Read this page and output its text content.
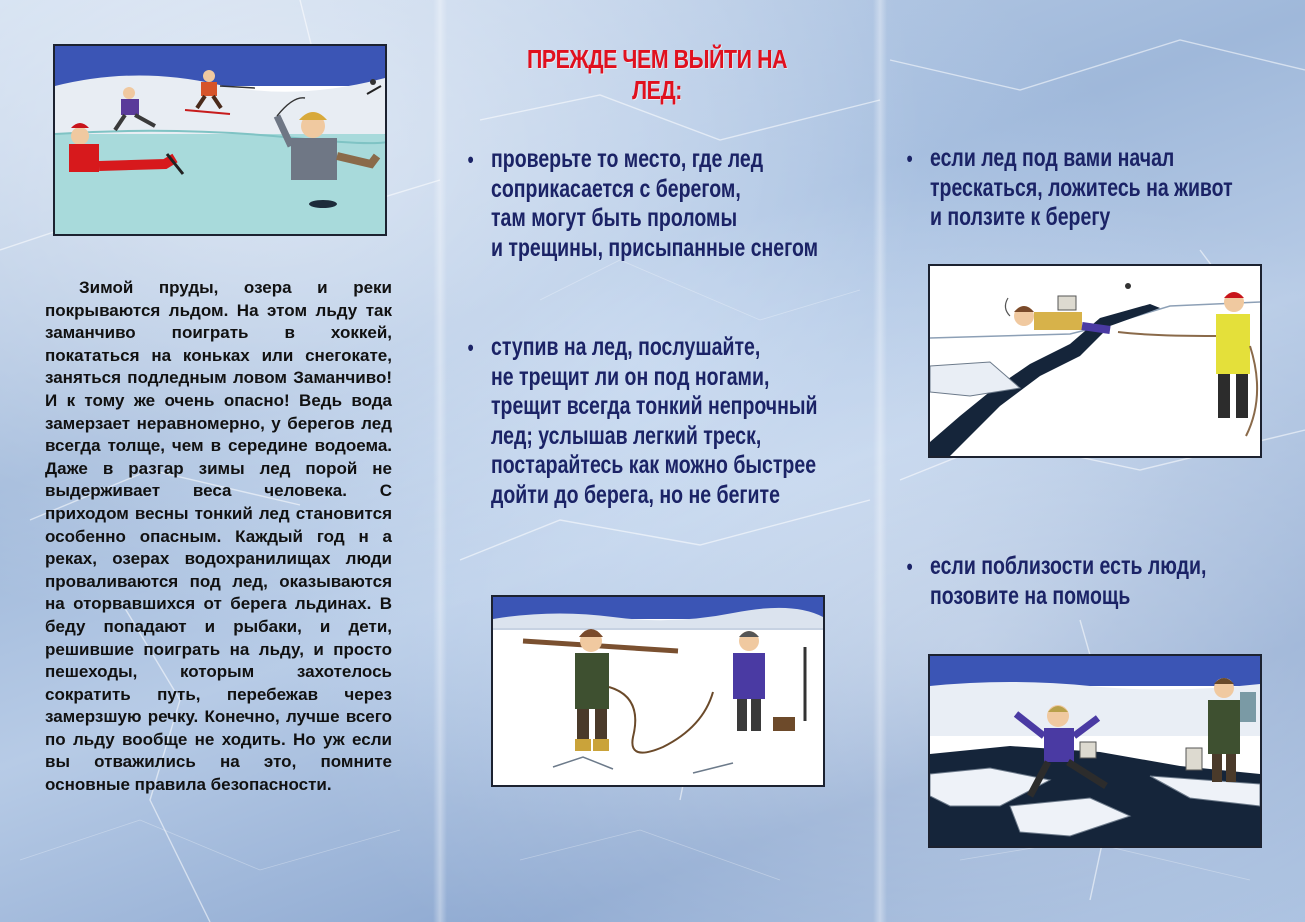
Зимой пруды, озера и реки покрываются льдом. На этом льду так заманчиво поиграть в хоккей, покататься на коньках или снегокате, заняться подледным ловом Заманчиво! И к тому же очень опасно! Ведь вода замерзает неравномерно, у берегов лед всегда толще, чем в середине водоема. Даже в разгар зимы лед порой не выдерживает веса человека. С приходом весны тонкий лед становится особенно опасным. Каждый год н а реках, озерах водохранилищах люди проваливаются под лед, оказываются на оторвавшихся от берега льдинах. В беду попадают и рыбаки, и дети, решившие поиграть на льду, и просто пешеходы, которым захотелось сократить путь, перебежав через замерзшую речку. Конечно, лучше всего по льду вообще не ходить. Но уж если вы отважились на это, помните основные правила безопасности.

ПРЕЖДЕ ЧЕМ ВЫЙТИ НА ЛЕД:
• проверьте то место, где лед
соприкасается с берегом,
там могут быть проломы
и трещины, присыпанные снегом
• ступив на лед, послушайте,
не трещит ли он под ногами,
трещит всегда тонкий непрочный
лед; услышав легкий треск,
постарайтесь как можно быстрее
дойти до берега, но не бегите
• если лед под вами начал
трескаться, ложитесь на живот
и ползите к берегу
• если поблизости есть люди,
позовите на помощь
